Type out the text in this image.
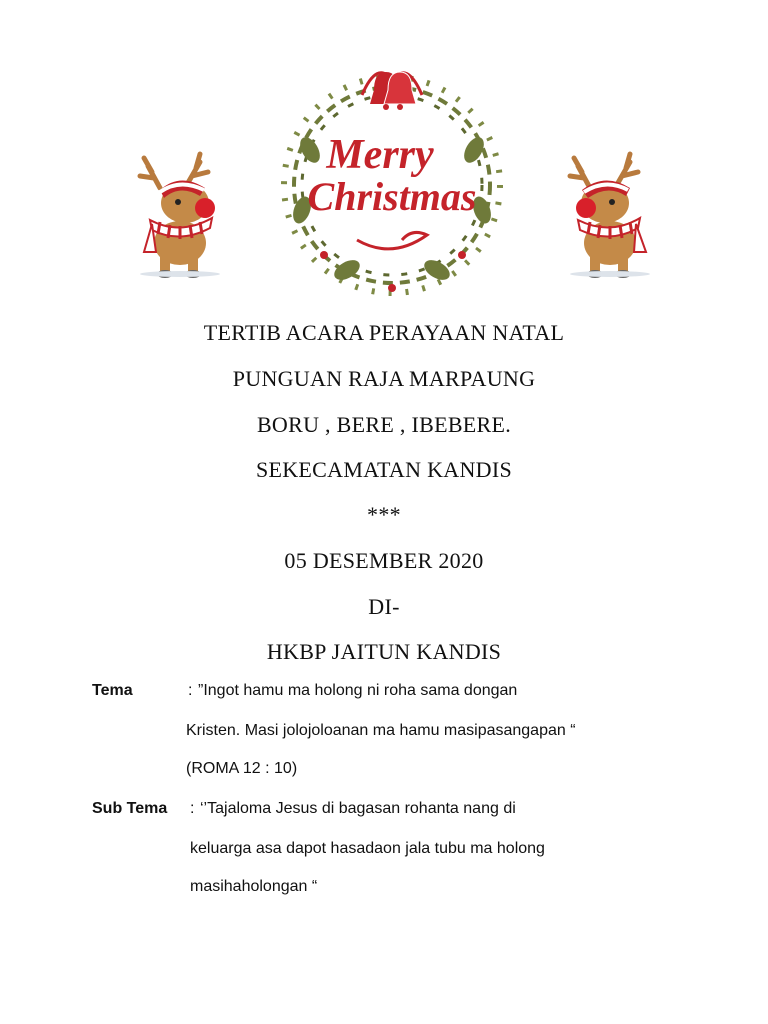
Merry
Christmas
TERTIB ACARA PERAYAAN NATAL
PUNGUAN RAJA MARPAUNG
BORU , BERE , IBEBERE.
SEKECAMATAN KANDIS
***
05 DESEMBER 2020
DI-
HKBP JAITUN KANDIS
Tema	: ”Ingot hamu ma holong ni roha sama dongan
Kristen. Masi jolojoloanan ma hamu masipasangapan “
(ROMA 12 : 10)
Sub Tema : ‘’Tajaloma Jesus di bagasan rohanta nang di
keluarga asa dapot hasadaon jala tubu ma holong
masihaholongan “
